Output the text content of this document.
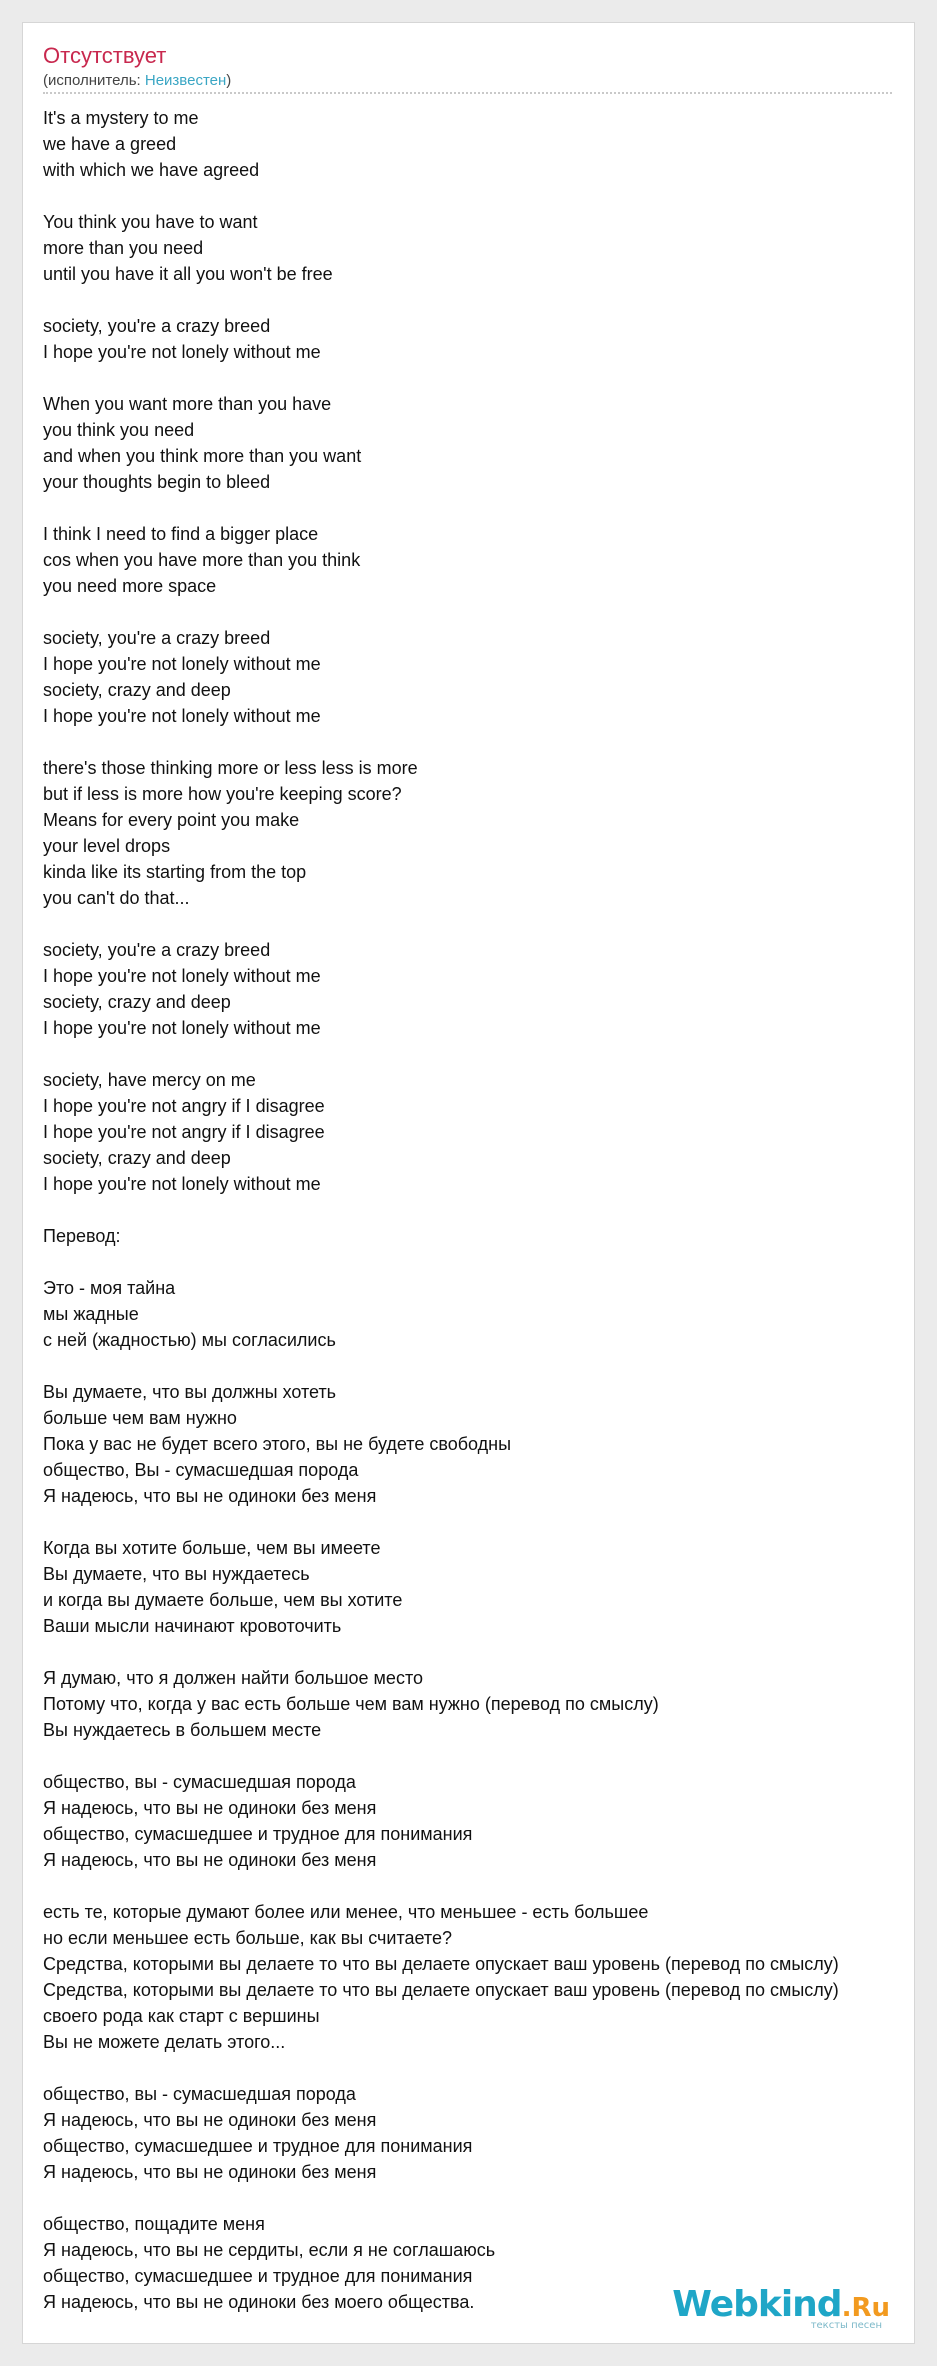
Отсутствует
(исполнитель: Неизвестен)
It's a mystery to me
we have a greed
with which we have agreed
You think you have to want
more than you need
until you have it all you won't be free
society, you're a crazy breed
I hope you're not lonely without me
When you want more than you have
you think you need
and when you think more than you want
your thoughts begin to bleed
I think I need to find a bigger place
cos when you have more than you think
you need more space
society, you're a crazy breed
I hope you're not lonely without me
society, crazy and deep
I hope you're not lonely without me
there's those thinking more or less less is more
but if less is more how you're keeping score?
Means for every point you make
your level drops
kinda like its starting from the top
you can't do that...
society, you're a crazy breed
I hope you're not lonely without me
society, crazy and deep
I hope you're not lonely without me
society, have mercy on me
I hope you're not angry if I disagree
I hope you're not angry if I disagree
society, crazy and deep
I hope you're not lonely without me
Перевод:
Это - моя тайна
мы жадные
с ней (жадностью) мы согласились
Вы думаете, что вы должны хотеть
больше чем вам нужно
Пока у вас не будет всего этого, вы не будете свободны
общество, Вы - сумасшедшая порода
Я надеюсь, что вы не одиноки без меня
Когда вы хотите больше, чем вы имеете
Вы думаете, что вы нуждаетесь
и когда вы думаете больше, чем вы хотите
Ваши мысли начинают кровоточить
Я думаю, что я должен найти большое место
Потому что, когда у вас есть больше чем вам нужно (перевод по смыслу)
Вы нуждаетесь в большем месте
общество, вы - сумасшедшая порода
Я надеюсь, что вы не одиноки без меня
общество, сумасшедшее и трудное для понимания
Я надеюсь, что вы не одиноки без меня
есть те, которые думают более или менее, что меньшее - есть большее
но если меньшее есть больше, как вы считаете?
Средства, которыми вы делаете то что вы делаете опускает ваш уровень (перевод по смыслу)
Средства, которыми вы делаете то что вы делаете опускает ваш уровень (перевод по смыслу)
своего рода как старт с вершины
Вы не можете делать этого...
общество, вы - сумасшедшая порода
Я надеюсь, что вы не одиноки без меня
общество, сумасшедшее и трудное для понимания
Я надеюсь, что вы не одиноки без меня
общество, пощадите меня
Я надеюсь, что вы не сердиты, если я не соглашаюсь
общество, сумасшедшее и трудное для понимания
Я надеюсь, что вы не одиноки без моего общества.	Webkind.Ru
тексты песен
